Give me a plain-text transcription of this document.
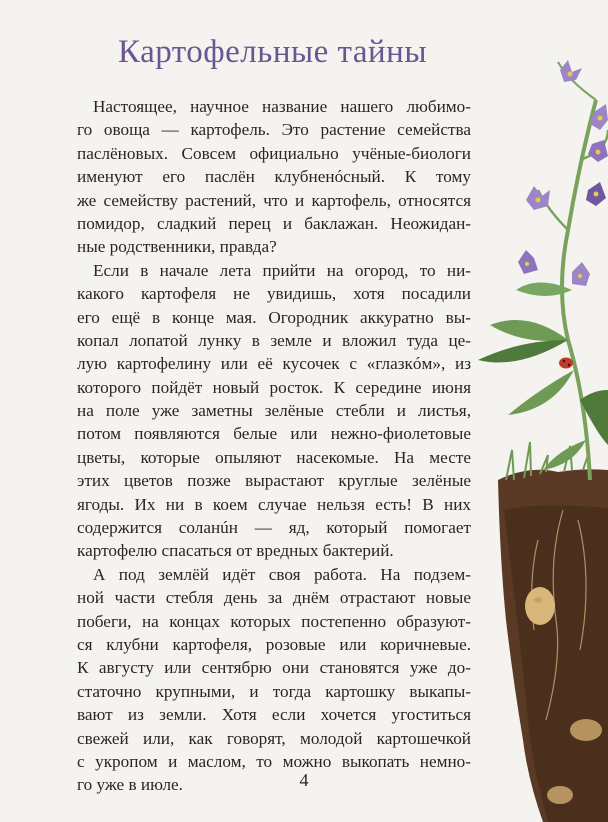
Картофельные тайны
Настоящее, научное название нашего любимо-
го овоща — картофель. Это растение семейства
паслёновых. Совсем официально учёные-биологи
именуют его паслён клубненóсный. К тому
же семейству растений, что и картофель, относятся
помидор, сладкий перец и баклажан. Неожидан-
ные родственники, правда?
Если в начале лета прийти на огород, то ни-
какого картофеля не увидишь, хотя посадили
его ещё в конце мая. Огородник аккуратно вы-
копал лопатой лунку в земле и вложил туда це-
лую картофелину или её кусочек с «глазкóм», из
которого пойдёт новый росток. К середине июня
на поле уже заметны зелёные стебли и листья,
потом появляются белые или нежно-фиолетовые
цветы, которые опыляют насекомые. На месте
этих цветов позже вырастают круглые зелёные
ягоды. Их ни в коем случае нельзя есть! В них
содержится соланúн — яд, который помогает
картофелю спасаться от вредных бактерий.
А под землёй идёт своя работа. На подзем-
ной части стебля день за днём отрастают новые
побеги, на концах которых постепенно образуют-
ся клубни картофеля, розовые или коричневые.
К августу или сентябрю они становятся уже до-
статочно крупными, и тогда картошку выкапы-
вают из земли. Хотя если хочется угоститься
свежей или, как говорят, молодой картошечкой
с укропом и маслом, то можно выкопать немно-
го уже в июле.	4
